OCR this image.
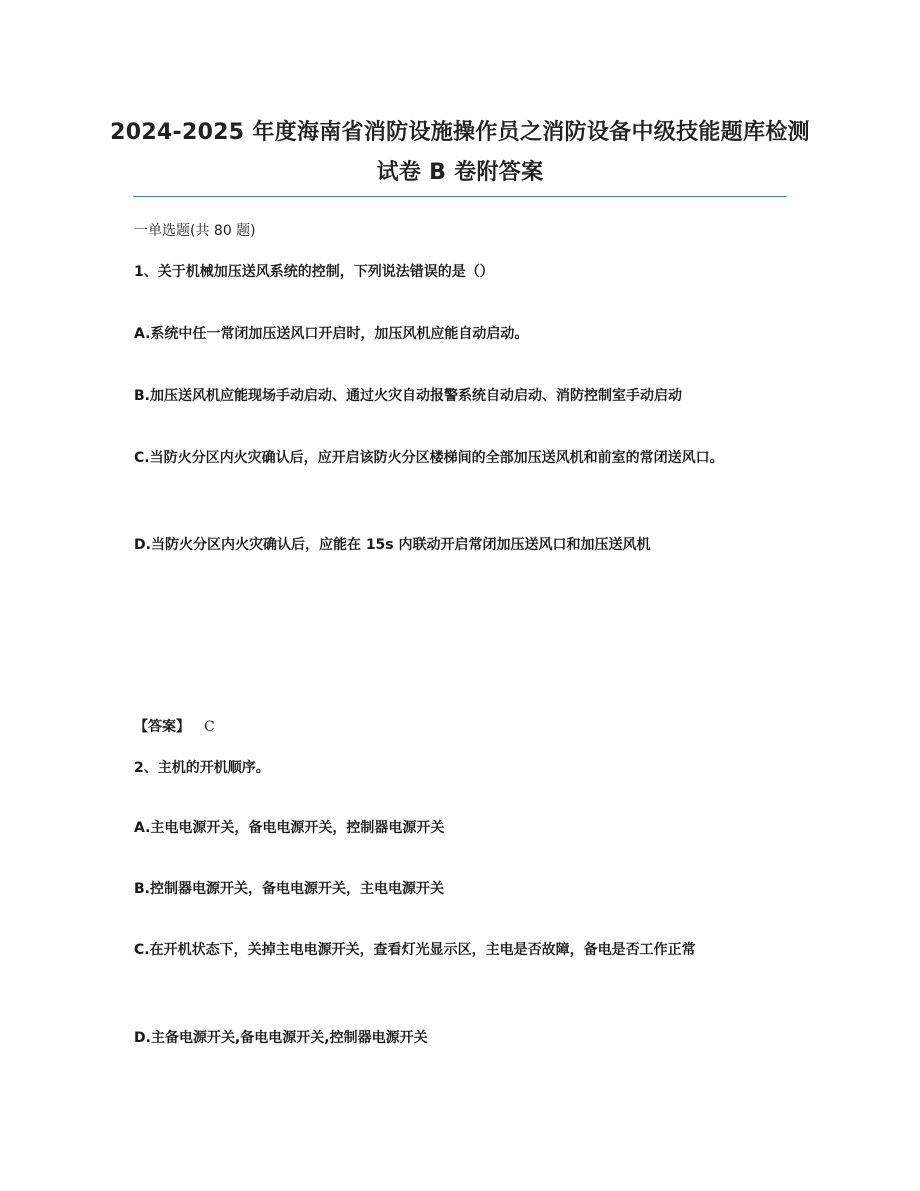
2024-2025 年度海南省消防设施操作员之消防设备中级技能题库检测试卷 B 卷附答案
一单选题(共 80 题)
1、关于机械加压送风系统的控制，下列说法错误的是（）
A.系统中任一常闭加压送风口开启时，加压风机应能自动启动。
B.加压送风机应能现场手动启动、通过火灾自动报警系统自动启动、消防控制室手动启动
C.当防火分区内火灾确认后，应开启该防火分区楼梯间的全部加压送风机和前室的常闭送风口。
D.当防火分区内火灾确认后，应能在 15s 内联动开启常闭加压送风口和加压送风机
【答案】 C
2、主机的开机顺序。
A.主电电源开关，备电电源开关，控制器电源开关
B.控制器电源开关，备电电源开关，主电电源开关
C.在开机状态下，关掉主电电源开关，查看灯光显示区，主电是否故障，备电是否工作正常
D.主备电源开关,备电电源开关,控制器电源开关
